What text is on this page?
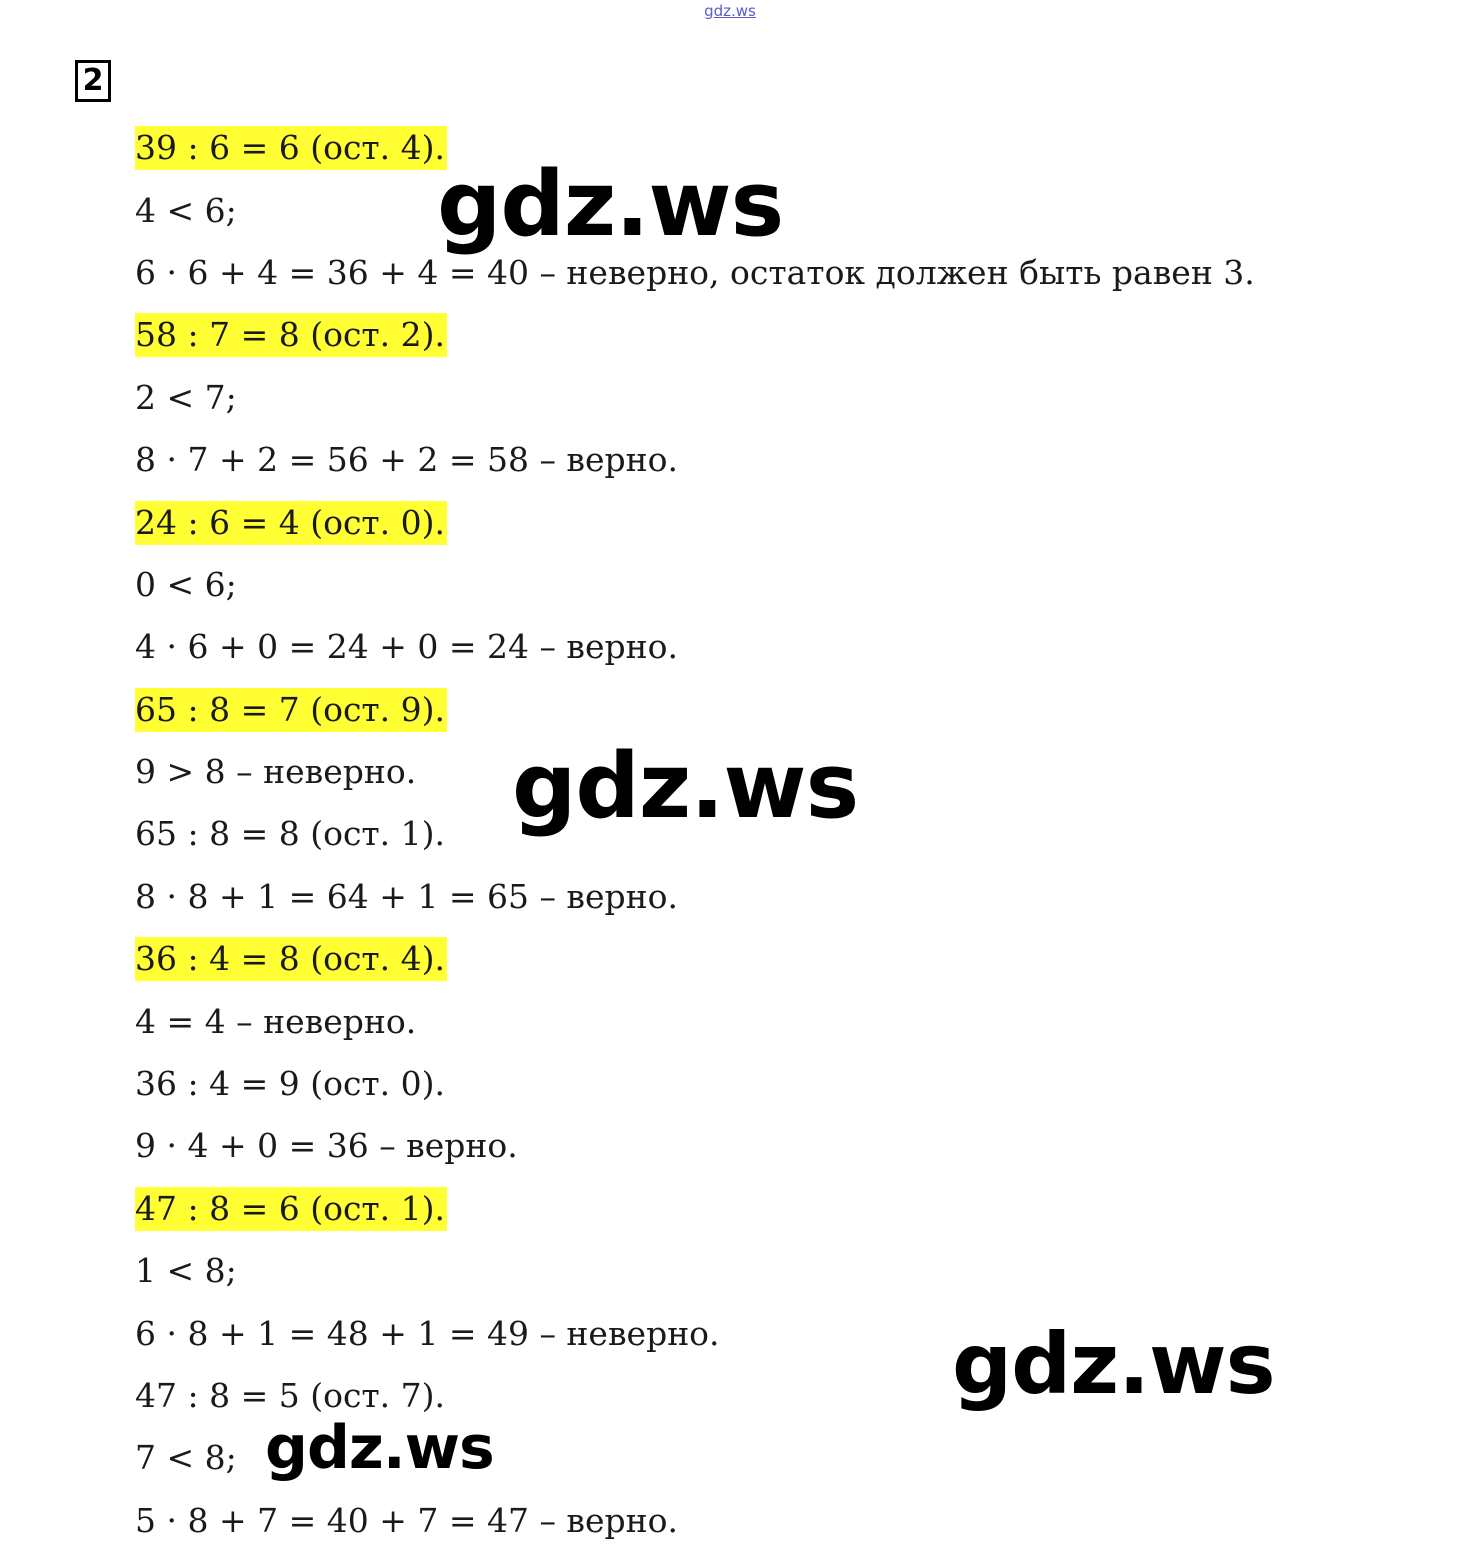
gdz.ws
2
39 : 6 = 6 (ост. 4).
4 < 6;
6 · 6 + 4 = 36 + 4 = 40 – неверно, остаток должен быть равен 3.
58 : 7 = 8 (ост. 2).
2 < 7;
8 · 7 + 2 = 56 + 2 = 58 – верно.
24 : 6 = 4 (ост. 0).
0 < 6;
4 · 6 + 0 = 24 + 0 = 24 – верно.
65 : 8 = 7 (ост. 9).
9 > 8 – неверно.
65 : 8 = 8 (ост. 1).
8 · 8 + 1 = 64 + 1 = 65 – верно.
36 : 4 = 8 (ост. 4).
4 = 4 – неверно.
36 : 4 = 9 (ост. 0).
9 · 4 + 0 = 36 – верно.
47 : 8 = 6 (ост. 1).
1 < 8;
6 · 8 + 1 = 48 + 1 = 49 – неверно.
47 : 8 = 5 (ост. 7).
7 < 8;
5 · 8 + 7 = 40 + 7 = 47 – верно.
gdz.ws
gdz.ws
gdz.ws
gdz.ws
